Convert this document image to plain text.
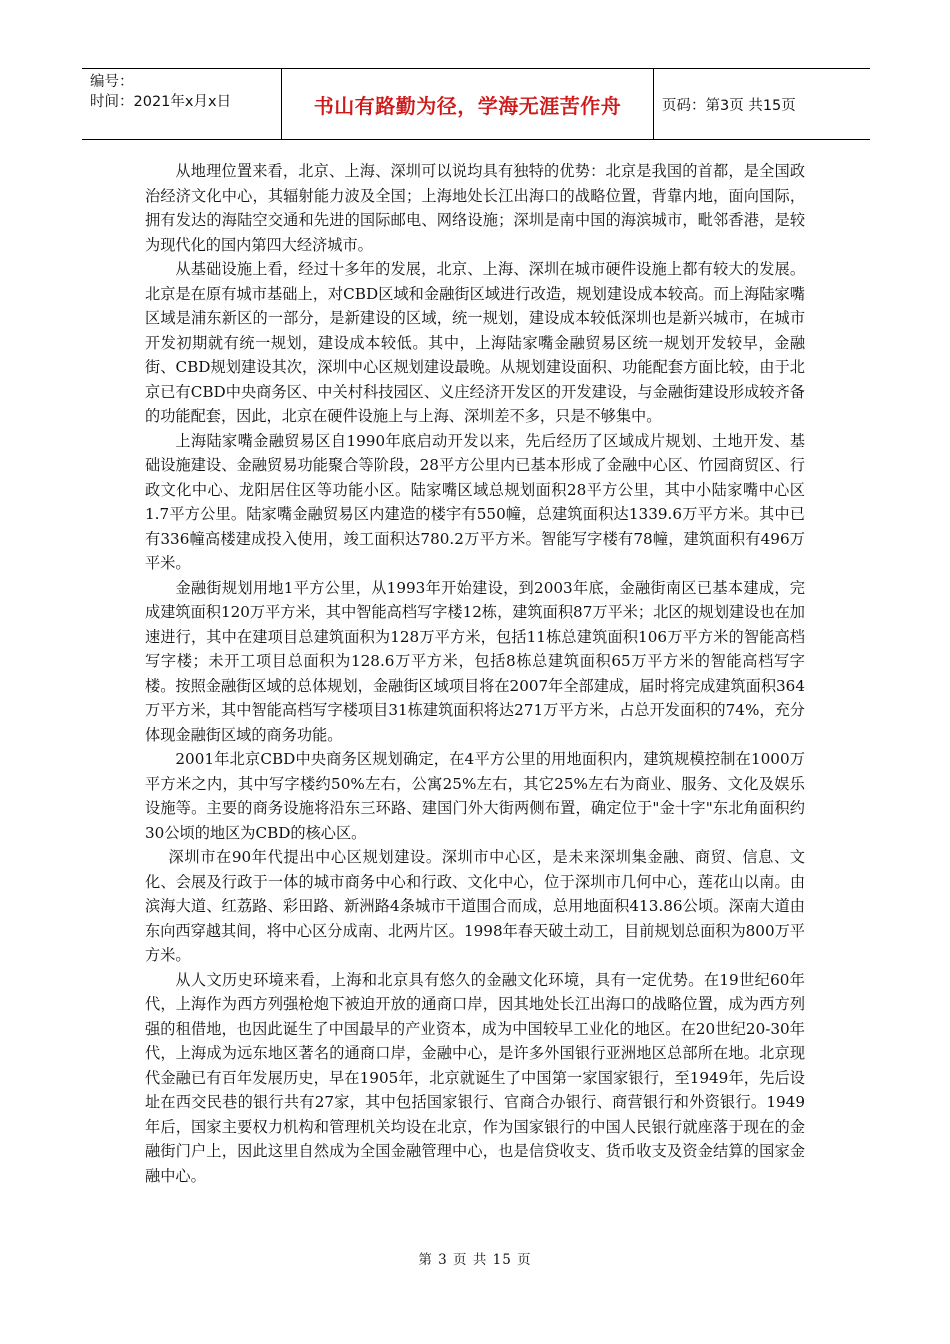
编号：
时间：2021年x月x日	书山有路勤为径，学海无涯苦作舟	页码：第3页 共15页

从地理位置来看，北京、上海、深圳可以说均具有独特的优势：北京是我国的首都，是全国政治经济文化中心，其辐射能力波及全国；上海地处长江出海口的战略位置，背靠内地，面向国际，拥有发达的海陆空交通和先进的国际邮电、网络设施；深圳是南中国的海滨城市，毗邻香港，是较为现代化的国内第四大经济城市。

从基础设施上看，经过十多年的发展，北京、上海、深圳在城市硬件设施上都有较大的发展。北京是在原有城市基础上，对CBD区域和金融街区域进行改造，规划建设成本较高。而上海陆家嘴区域是浦东新区的一部分，是新建设的区域，统一规划，建设成本较低深圳也是新兴城市，在城市开发初期就有统一规划，建设成本较低。其中，上海陆家嘴金融贸易区统一规划开发较早，金融街、CBD规划建设其次，深圳中心区规划建设最晚。从规划建设面积、功能配套方面比较，由于北京已有CBD中央商务区、中关村科技园区、义庄经济开发区的开发建设，与金融街建设形成较齐备的功能配套，因此，北京在硬件设施上与上海、深圳差不多，只是不够集中。

上海陆家嘴金融贸易区自1990年底启动开发以来，先后经历了区域成片规划、土地开发、基础设施建设、金融贸易功能聚合等阶段，28平方公里内已基本形成了金融中心区、竹园商贸区、行政文化中心、龙阳居住区等功能小区。陆家嘴区域总规划面积28平方公里，其中小陆家嘴中心区1.7平方公里。陆家嘴金融贸易区内建造的楼宇有550幢，总建筑面积达1339.6万平方米。其中已有336幢高楼建成投入使用，竣工面积达780.2万平方米。智能写字楼有78幢，建筑面积有496万平米。

金融街规划用地1平方公里，从1993年开始建设，到2003年底，金融街南区已基本建成，完成建筑面积120万平方米，其中智能高档写字楼12栋，建筑面积87万平米；北区的规划建设也在加速进行，其中在建项目总建筑面积为128万平方米，包括11栋总建筑面积106万平方米的智能高档写字楼；未开工项目总面积为128.6万平方米，包括8栋总建筑面积65万平方米的智能高档写字楼。按照金融街区域的总体规划，金融街区域项目将在2007年全部建成，届时将完成建筑面积364万平方米，其中智能高档写字楼项目31栋建筑面积将达271万平方米，占总开发面积的74%，充分体现金融街区域的商务功能。

2001年北京CBD中央商务区规划确定，在4平方公里的用地面积内，建筑规模控制在1000万平方米之内，其中写字楼约50%左右，公寓25%左右，其它25%左右为商业、服务、文化及娱乐设施等。主要的商务设施将沿东三环路、建国门外大街两侧布置，确定位于"金十字"东北角面积约30公顷的地区为CBD的核心区。

深圳市在90年代提出中心区规划建设。深圳市中心区，是未来深圳集金融、商贸、信息、文化、会展及行政于一体的城市商务中心和行政、文化中心，位于深圳市几何中心，莲花山以南。由滨海大道、红荔路、彩田路、新洲路4条城市干道围合而成，总用地面积413.86公顷。深南大道由东向西穿越其间，将中心区分成南、北两片区。1998年春天破土动工，目前规划总面积为800万平方米。

从人文历史环境来看，上海和北京具有悠久的金融文化环境，具有一定优势。在19世纪60年代，上海作为西方列强枪炮下被迫开放的通商口岸，因其地处长江出海口的战略位置，成为西方列强的租借地，也因此诞生了中国最早的产业资本，成为中国较早工业化的地区。在20世纪20-30年代，上海成为远东地区著名的通商口岸，金融中心，是许多外国银行亚洲地区总部所在地。北京现代金融已有百年发展历史，早在1905年，北京就诞生了中国第一家国家银行，至1949年，先后设址在西交民巷的银行共有27家，其中包括国家银行、官商合办银行、商营银行和外资银行。1949年后，国家主要权力机构和管理机关均设在北京，作为国家银行的中国人民银行就座落于现在的金融街门户上，因此这里自然成为全国金融管理中心，也是信贷收支、货币收支及资金结算的国家金融中心。

第 3 页 共 15 页
